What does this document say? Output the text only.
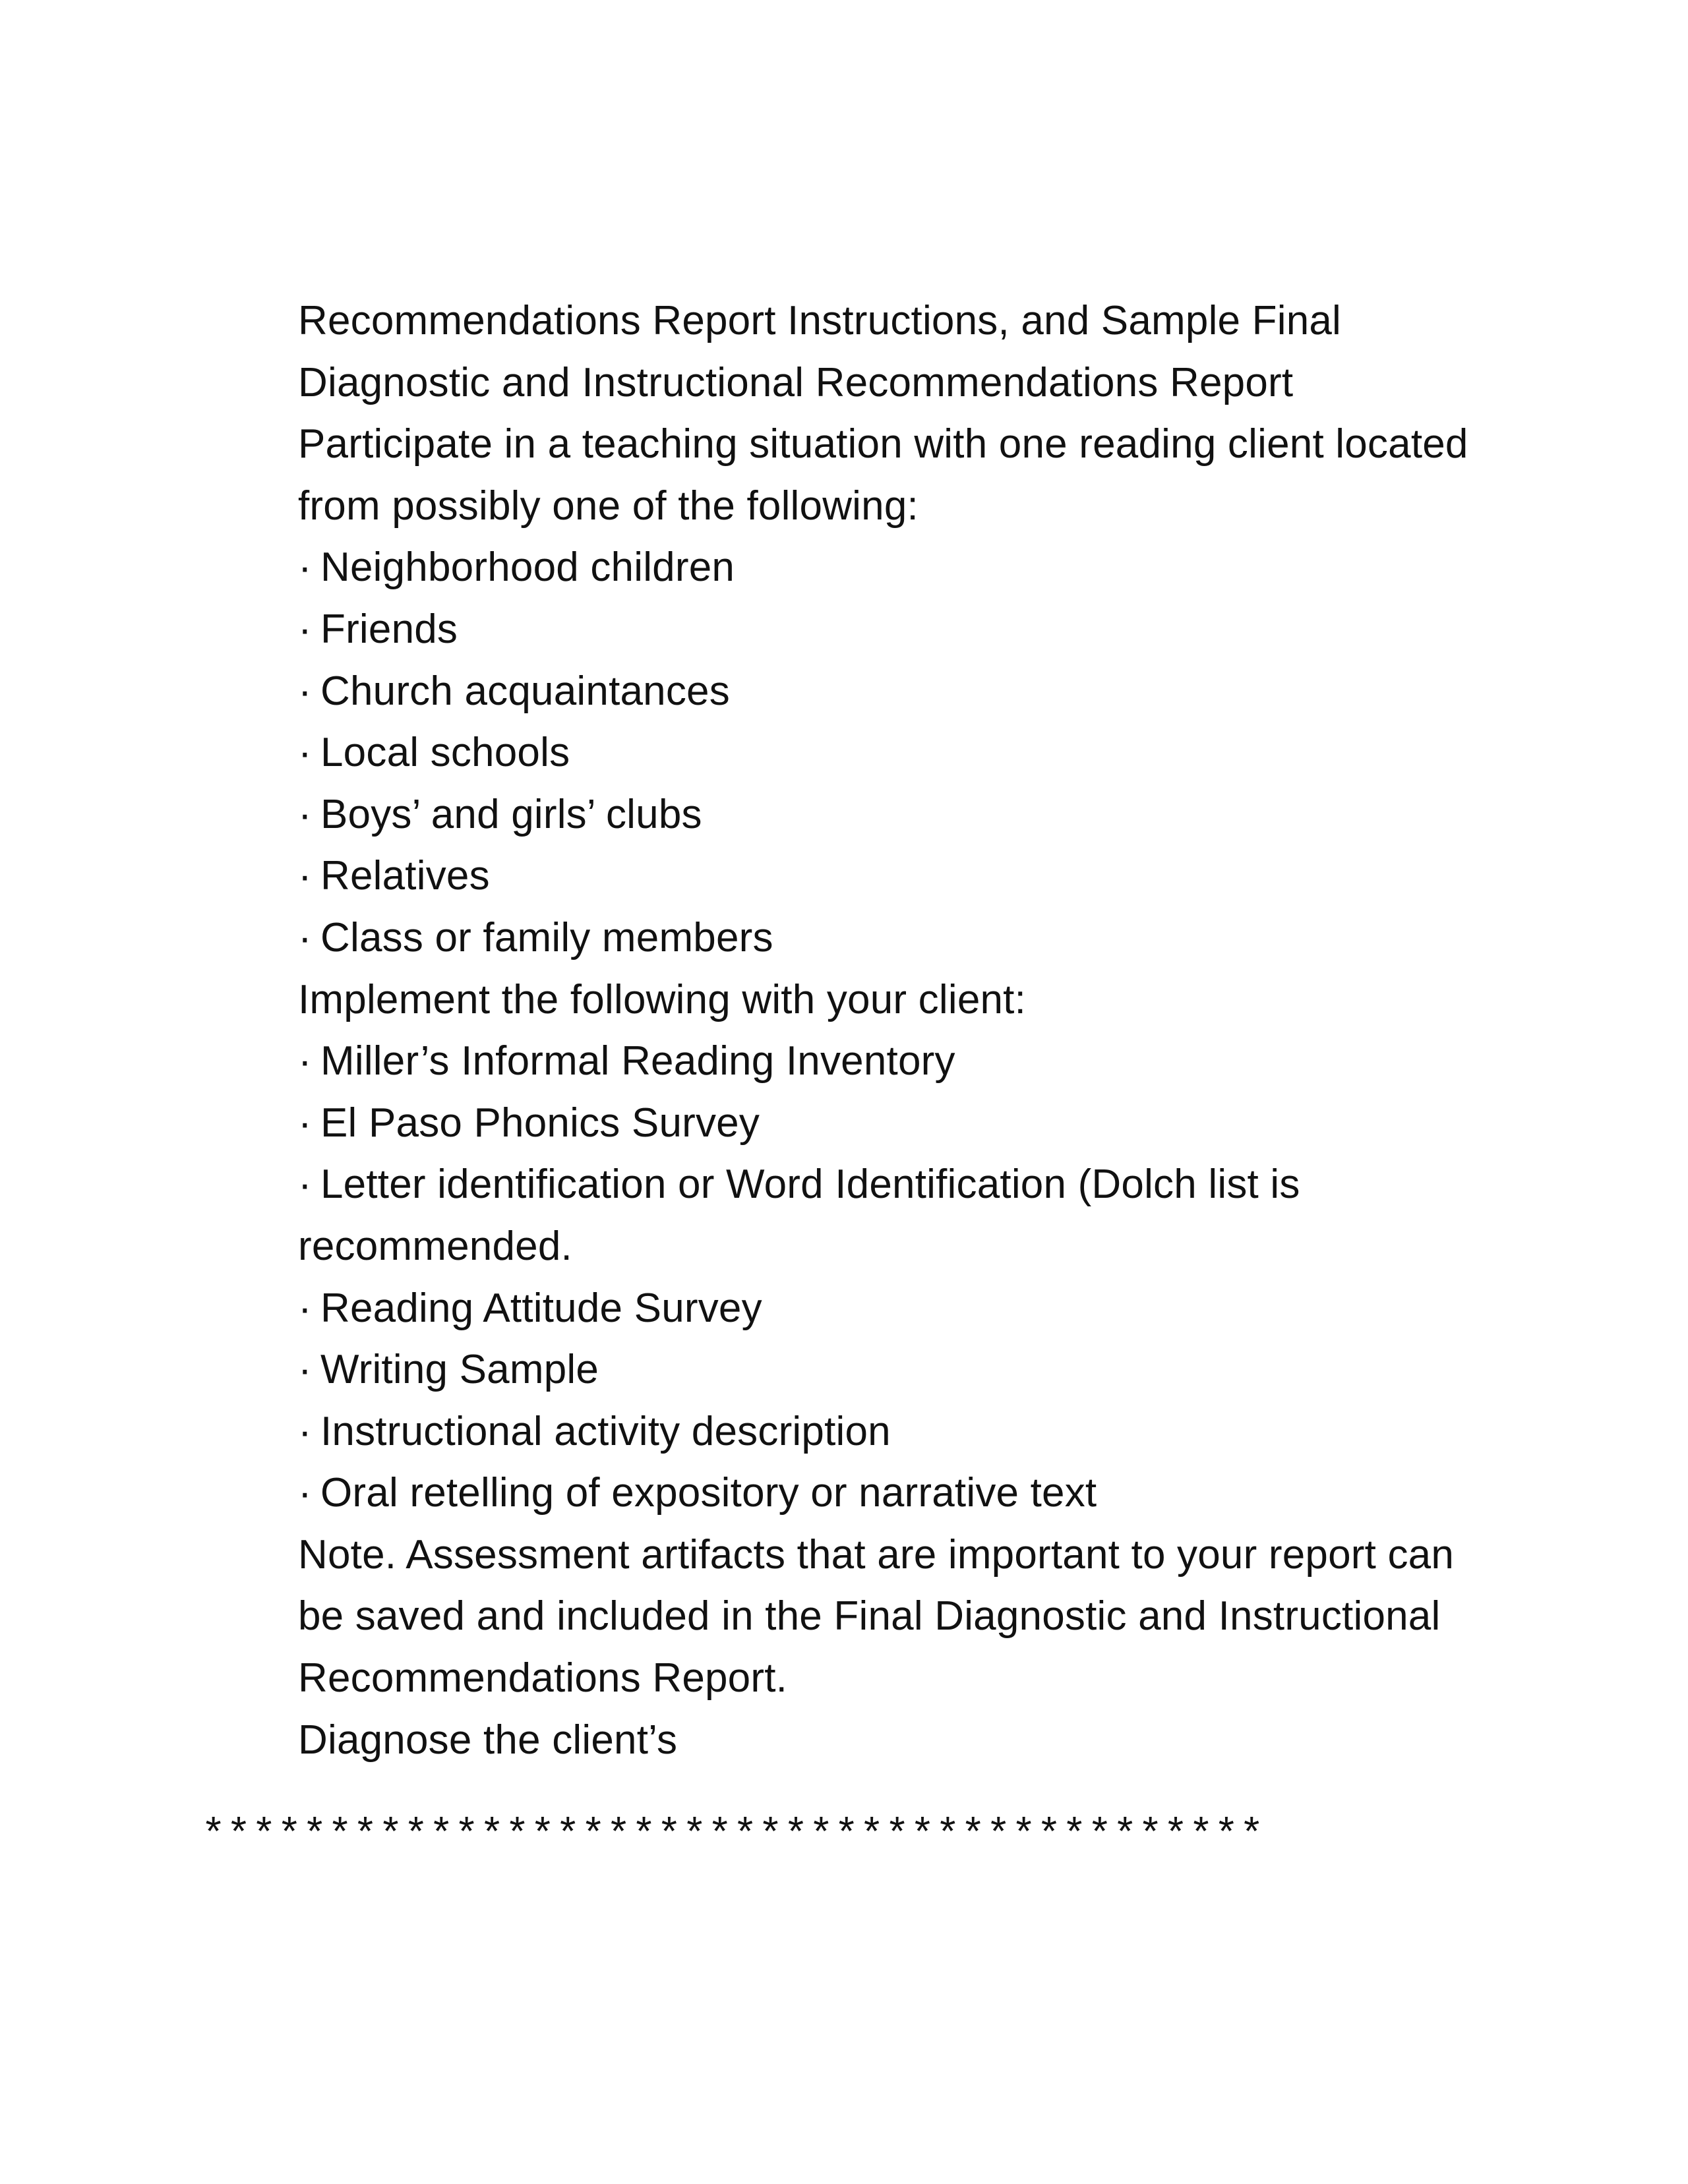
Recommendations Report Instructions, and Sample Final
Diagnostic and Instructional Recommendations Report
Participate in a teaching situation with one reading client located
from possibly one of the following:
· Neighborhood children
· Friends
· Church acquaintances
· Local schools
· Boys’ and girls’ clubs
· Relatives
· Class or family members
Implement the following with your client:
· Miller’s Informal Reading Inventory
· El Paso Phonics Survey
· Letter identification or Word Identification (Dolch list is
recommended.
· Reading Attitude Survey
· Writing Sample
· Instructional activity description
· Oral retelling of expository or narrative text
Note. Assessment artifacts that are important to your report can
be saved and included in the Final Diagnostic and Instructional
Recommendations Report.
Diagnose the client’s
******************************************
